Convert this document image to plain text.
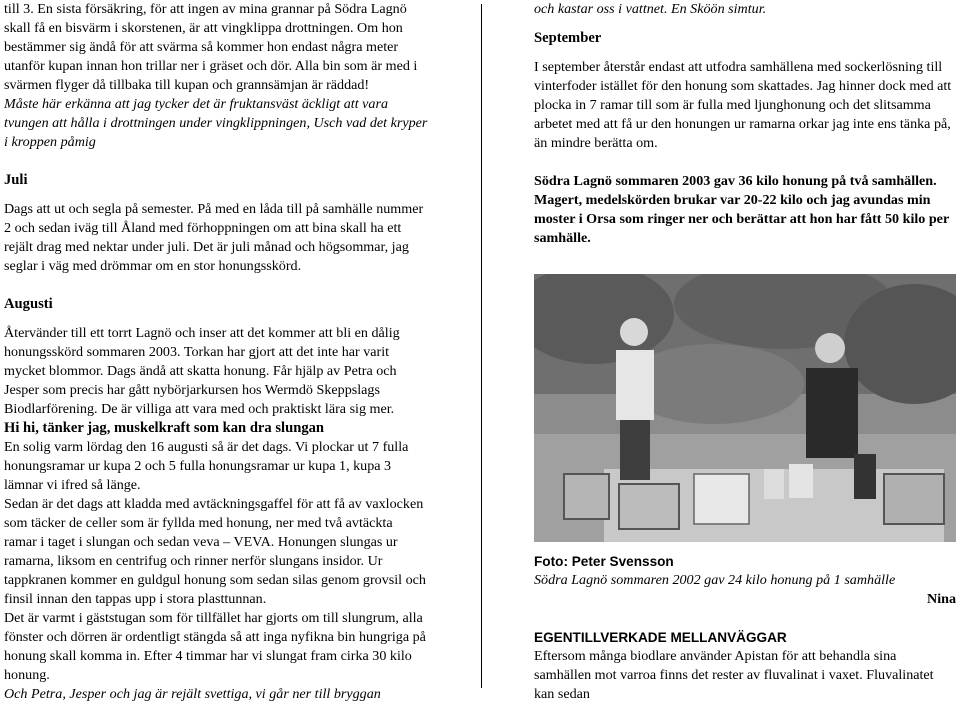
till 3. En sista försäkring, för att ingen av mina grannar på Södra Lagnö skall få en bisvärm i skorstenen, är att vingklippa drottningen. Om hon bestämmer sig ändå för att svärma så kommer hon endast några meter utanför kupan innan hon trillar ner i gräset och dör. Alla bin som är med i svärmen flyger då tillbaka till kupan och grannsämjan är räddad!

Måste här erkänna att jag tycker det är fruktansväst äckligt att vara tvungen att hålla i drottningen under vingklippningen, Usch vad det kryper i kroppen påmig

Juli

Dags att ut och segla på semester. På med en låda till på samhälle nummer 2 och sedan iväg till Åland med förhoppningen om att bina skall ha ett rejält drag med nektar under juli. Det är juli månad och högsommar, jag seglar i väg med drömmar om en stor honungsskörd.

Augusti

Återvänder till ett torrt Lagnö och inser att det kommer att bli en dålig honungsskörd sommaren 2003. Torkan har gjort att det inte har varit mycket blommor. Dags ändå att skatta honung. Får hjälp av Petra och Jesper som precis har gått nybörjarkursen hos Wermdö Skeppslags Biodlarförening. De är villiga att vara med och praktiskt lära sig mer.

Hi hi, tänker jag, muskelkraft som kan dra slungan

En solig varm lördag den 16 augusti så är det dags. Vi plockar ut 7 fulla honungsramar ur kupa 2 och 5 fulla honungsramar ur kupa 1, kupa 3 lämnar vi ifred så länge.

Sedan är det dags att kladda med avtäckningsgaffel för att få av vaxlocken som täcker de celler som är fyllda med honung, ner med två avtäckta ramar i taget i slungan och sedan veva – VEVA. Honungen slungas ur ramarna, liksom en centrifug och rinner nerför slungans insidor. Ur tappkranen kommer en guldgul honung som sedan silas genom grovsil och finsil innan den tappas upp i stora plasttunnan.

Det är varmt i gäststugan som för tillfället har gjorts om till slungrum, alla fönster och dörren är ordentligt stängda så att inga nyfikna bin hungriga på honung skall komma in. Efter 4 timmar har vi slungat fram cirka 30 kilo honung.

Och Petra, Jesper och jag är rejält svettiga, vi går ner till bryggan

och kastar oss i vattnet. En Sköön simtur.

September

I september återstår endast att utfodra samhällena med sockerlösning till vinterfoder istället för den honung som skattades. Jag hinner dock med att plocka in 7 ramar till som är fulla med ljunghonung och det slitsamma arbetet med att få ur den honungen ur ramarna orkar jag inte ens tänka på, än mindre berätta om.

Södra Lagnö sommaren 2003 gav 36 kilo honung på två samhällen. Magert, medelskörden brukar var 20-22 kilo och jag avundas min moster i Orsa som ringer ner och berättar att hon har fått 50 kilo per samhälle.

Foto: Peter Svensson

Södra Lagnö sommaren 2002 gav 24 kilo honung på 1 samhälle

Nina

EGENTILLVERKADE MELLANVÄGGAR

Eftersom många biodlare använder Apistan för att behandla sina samhällen mot varroa finns det rester av fluvalinat i vaxet. Fluvalinatet kan sedan
